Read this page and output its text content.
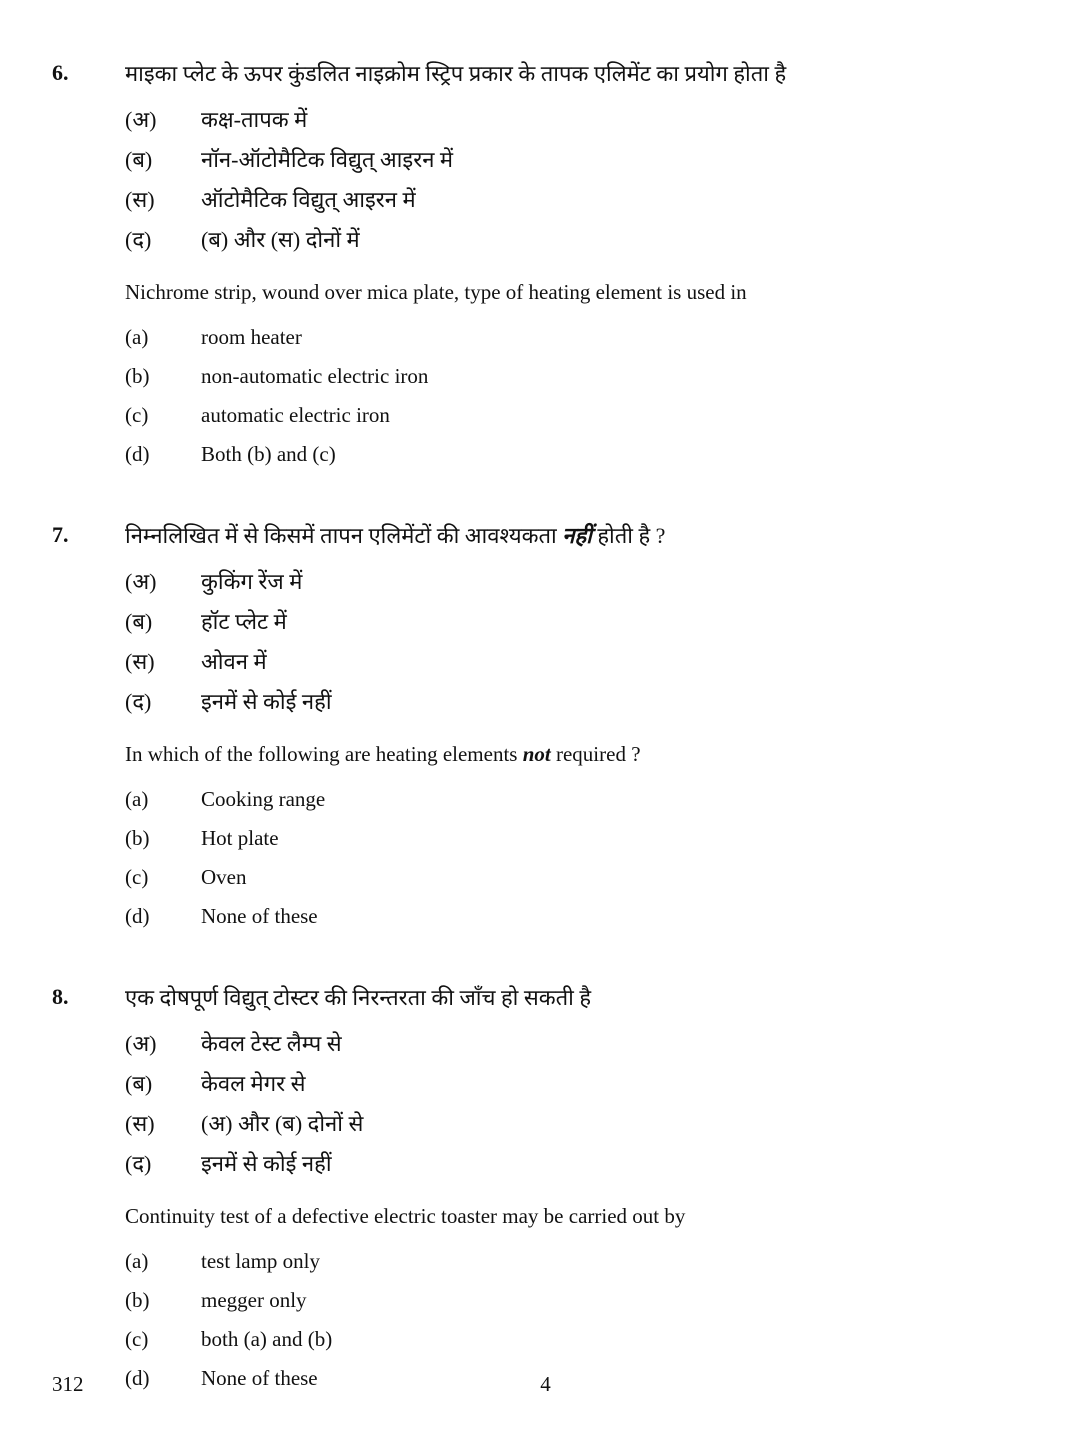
6.	माइका प्लेट के ऊपर कुंडलित नाइक्रोम स्ट्रिप प्रकार के तापक एलिमेंट का प्रयोग होता है

(अ)	कक्ष-तापक में
(ब)	नॉन-ऑटोमैटिक विद्युत् आइरन में
(स)	ऑटोमैटिक विद्युत् आइरन में
(द)	(ब) और (स) दोनों में

Nichrome strip, wound over mica plate, type of heating element is used in

(a)	room heater
(b)	non-automatic electric iron
(c)	automatic electric iron
(d)	Both (b) and (c)
7.	निम्नलिखित में से किसमें तापन एलिमेंटों की आवश्यकता नहीं होती है ?

(अ)	कुकिंग रेंज में
(ब)	हॉट प्लेट में
(स)	ओवन में
(द)	इनमें से कोई नहीं

In which of the following are heating elements not required ?

(a)	Cooking range
(b)	Hot plate
(c)	Oven
(d)	None of these
8.	एक दोषपूर्ण विद्युत् टोस्टर की निरन्तरता की जाँच हो सकती है

(अ)	केवल टेस्ट लैम्प से
(ब)	केवल मेगर से
(स)	(अ) और (ब) दोनों से
(द)	इनमें से कोई नहीं

Continuity test of a defective electric toaster may be carried out by

(a)	test lamp only
(b)	megger only
(c)	both (a) and (b)
(d)	None of these
312	4
